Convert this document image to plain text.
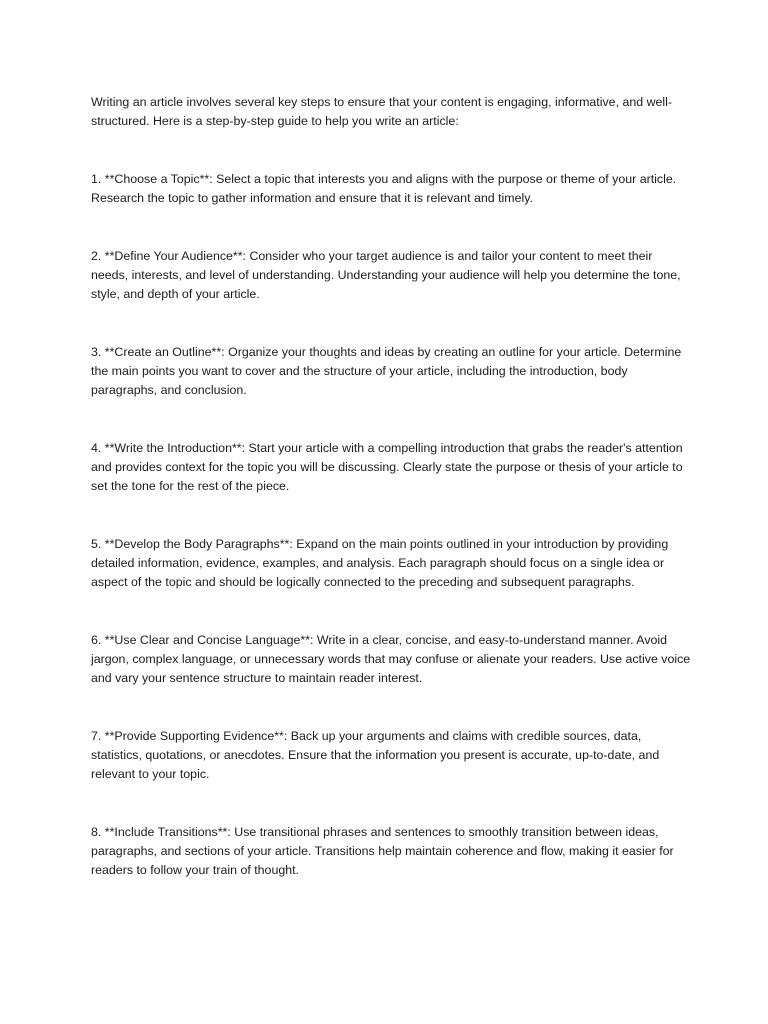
Writing an article involves several key steps to ensure that your content is engaging, informative, and well-structured. Here is a step-by-step guide to help you write an article:

1. **Choose a Topic**: Select a topic that interests you and aligns with the purpose or theme of your article. Research the topic to gather information and ensure that it is relevant and timely.

2. **Define Your Audience**: Consider who your target audience is and tailor your content to meet their needs, interests, and level of understanding. Understanding your audience will help you determine the tone, style, and depth of your article.

3. **Create an Outline**: Organize your thoughts and ideas by creating an outline for your article. Determine the main points you want to cover and the structure of your article, including the introduction, body paragraphs, and conclusion.

4. **Write the Introduction**: Start your article with a compelling introduction that grabs the reader's attention and provides context for the topic you will be discussing. Clearly state the purpose or thesis of your article to set the tone for the rest of the piece.

5. **Develop the Body Paragraphs**: Expand on the main points outlined in your introduction by providing detailed information, evidence, examples, and analysis. Each paragraph should focus on a single idea or aspect of the topic and should be logically connected to the preceding and subsequent paragraphs.

6. **Use Clear and Concise Language**: Write in a clear, concise, and easy-to-understand manner. Avoid jargon, complex language, or unnecessary words that may confuse or alienate your readers. Use active voice and vary your sentence structure to maintain reader interest.

7. **Provide Supporting Evidence**: Back up your arguments and claims with credible sources, data, statistics, quotations, or anecdotes. Ensure that the information you present is accurate, up-to-date, and relevant to your topic.

8. **Include Transitions**: Use transitional phrases and sentences to smoothly transition between ideas, paragraphs, and sections of your article. Transitions help maintain coherence and flow, making it easier for readers to follow your train of thought.
